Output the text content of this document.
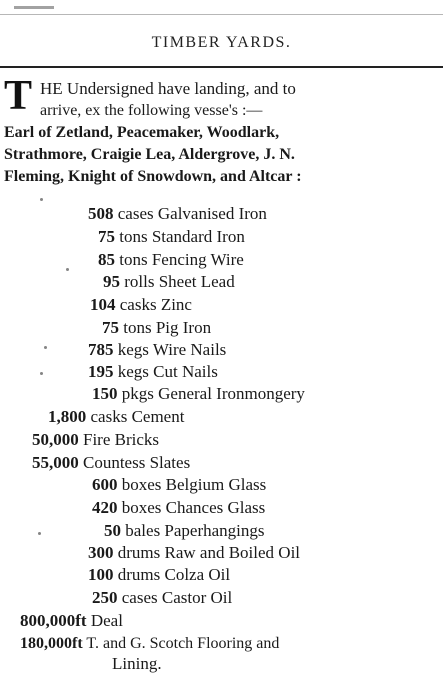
TIMBER YARDS.
T HE Undersigned have landing, and to
arrive, ex the following vesse's :—
Earl of Zetland, Peacemaker, Woodlark,
Strathmore, Craigie Lea, Aldergrove, J. N.
Fleming, Knight of Snowdown, and Altcar :
508 cases Galvanised Iron
75 tons Standard Iron
85 tons Fencing Wire
95 rolls Sheet Lead
104 casks Zinc
75 tons Pig Iron
785 kegs Wire Nails
195 kegs Cut Nails
150 pkgs General Ironmongery
1,800 casks Cement
50,000 Fire Bricks
55,000 Countess Slates
600 boxes Belgium Glass
420 boxes Chances Glass
50 bales Paperhangings
300 drums Raw and Boiled Oil
100 drums Colza Oil
250 cases Castor Oil
800,000ft Deal
180,000ft T. and G. Scotch Flooring and
Lining.
